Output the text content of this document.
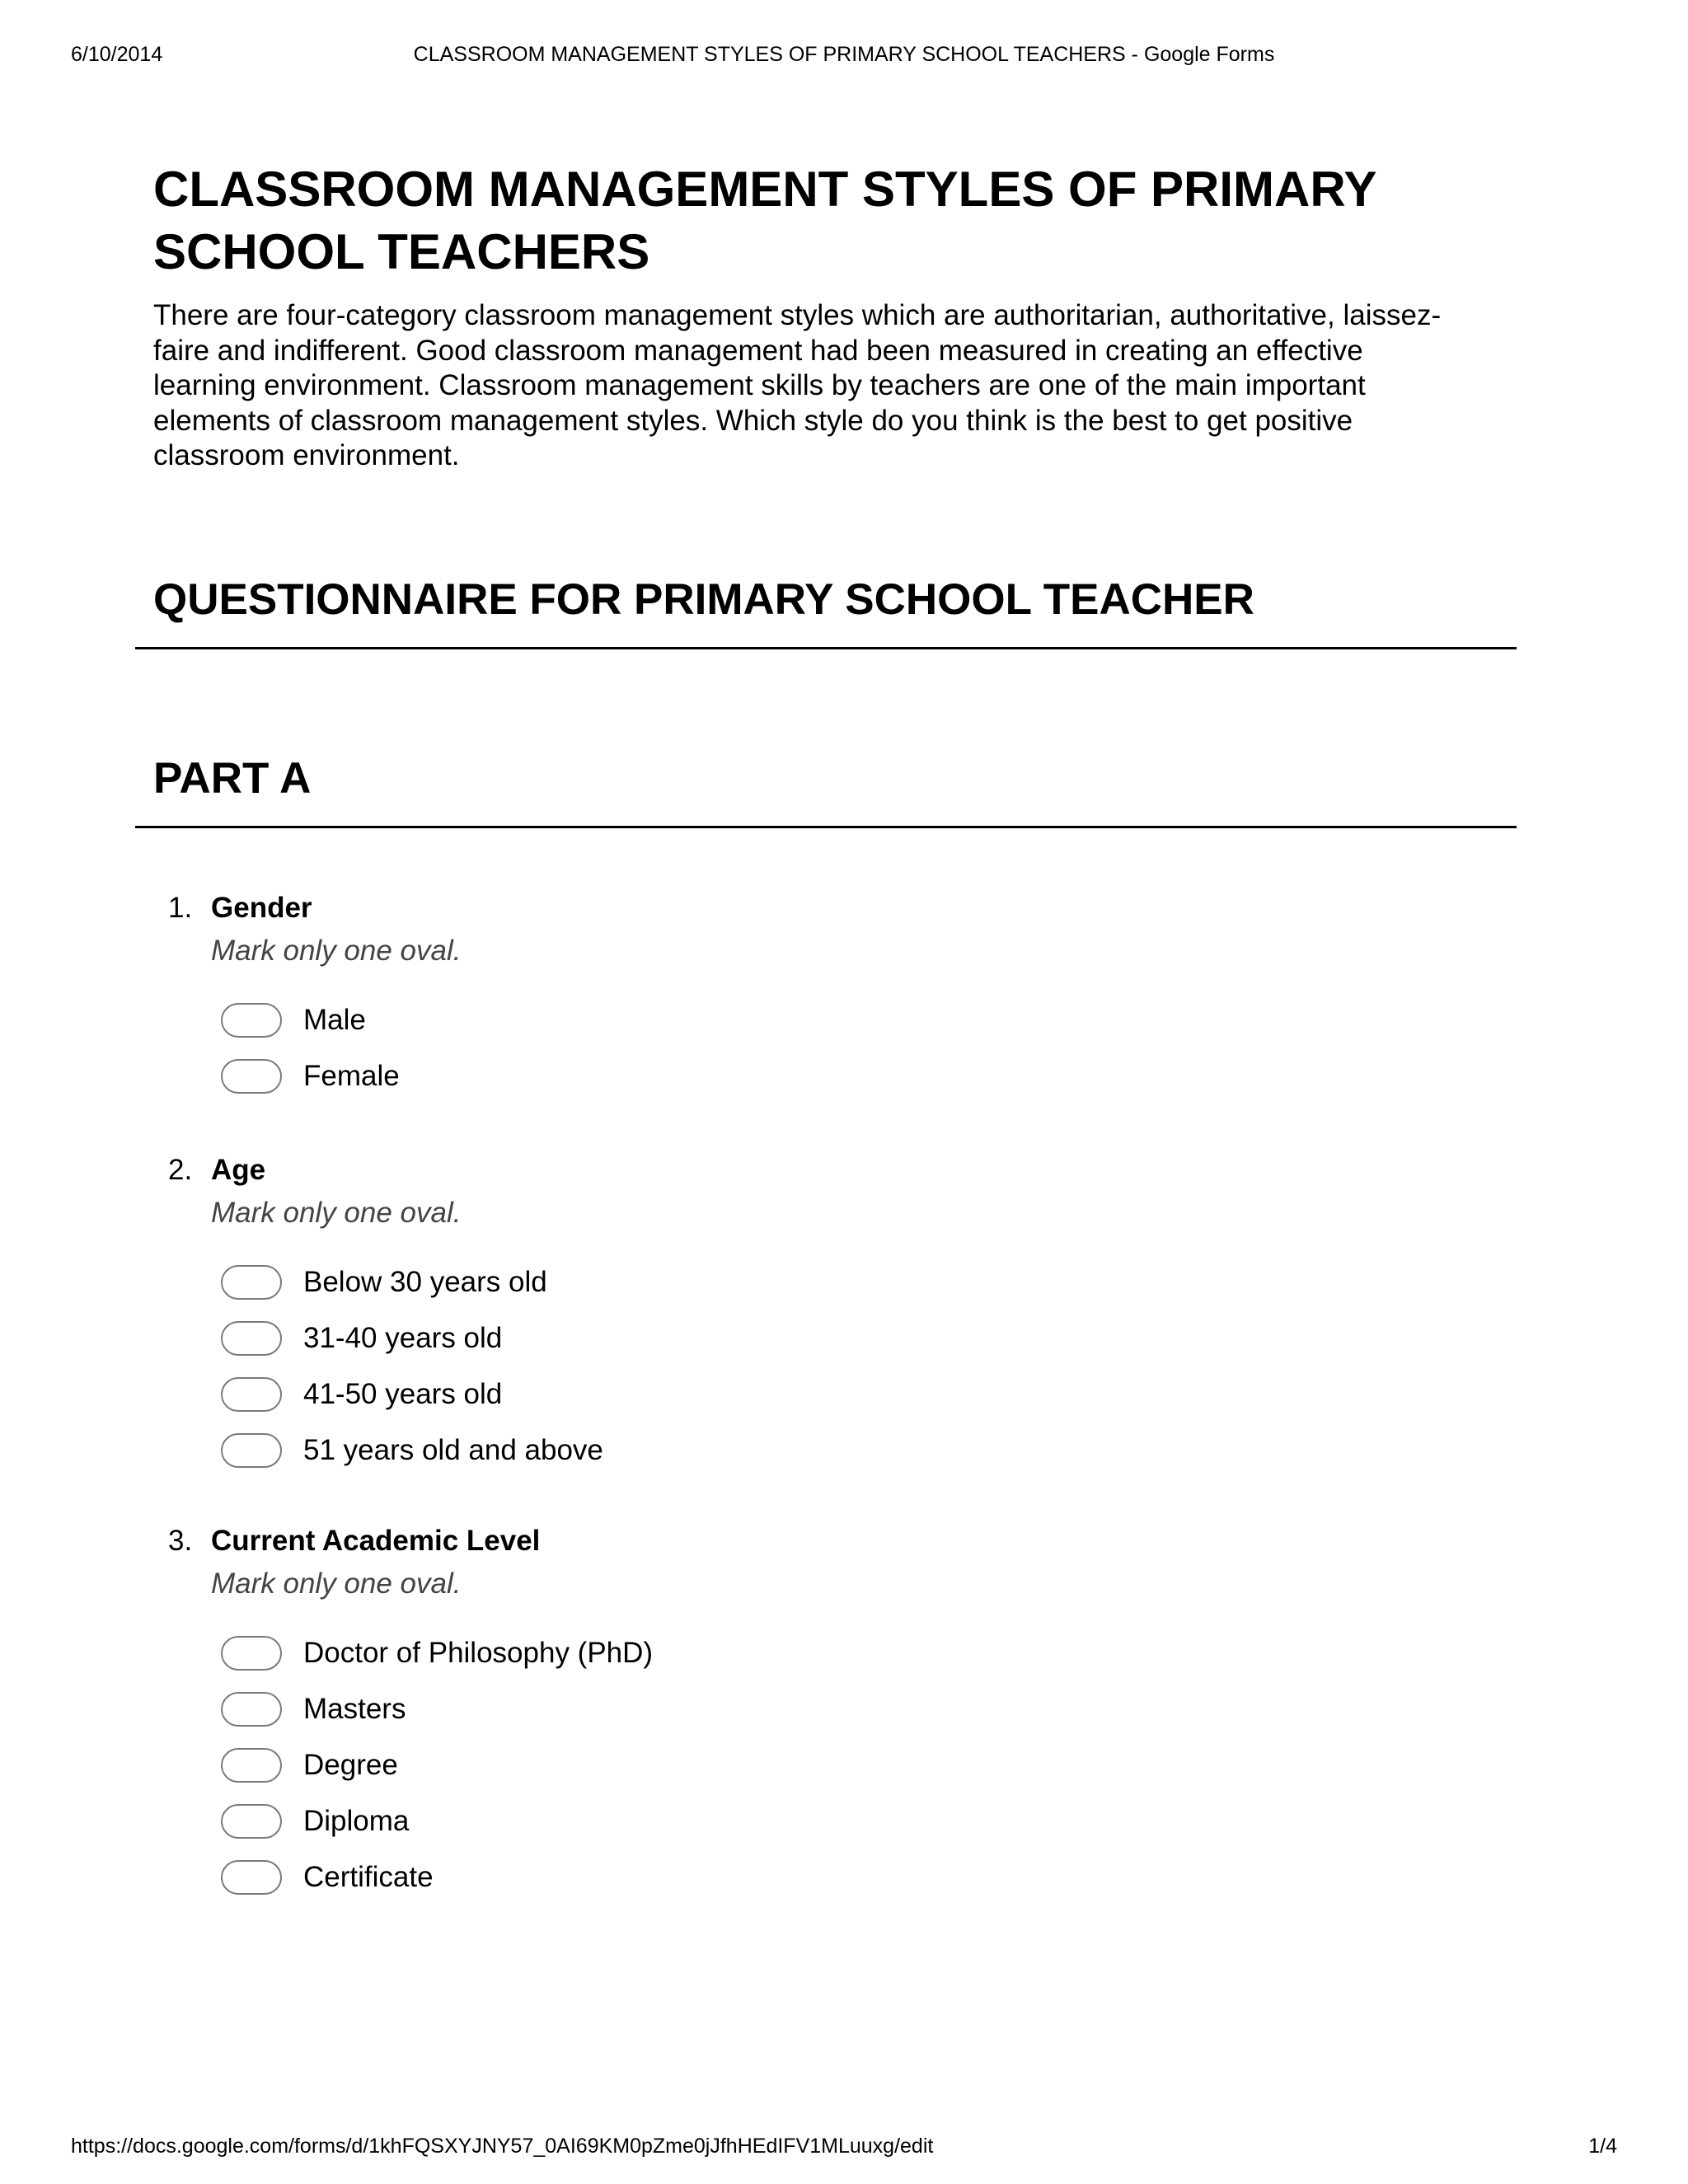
6/10/2014	CLASSROOM MANAGEMENT STYLES OF PRIMARY SCHOOL TEACHERS - Google Forms
CLASSROOM MANAGEMENT STYLES OF PRIMARY SCHOOL TEACHERS

There are four-category classroom management styles which are authoritarian, authoritative, laissez-faire and indifferent. Good classroom management had been measured in creating an effective learning environment. Classroom management skills by teachers are one of the main important elements of classroom management styles. Which style do you think is the best to get positive classroom environment.

QUESTIONNAIRE FOR PRIMARY SCHOOL TEACHER
PART A
1. Gender
Mark only one oval.
Male
Female
2. Age
Mark only one oval.
Below 30 years old
31-40 years old
41-50 years old
51 years old and above
3. Current Academic Level
Mark only one oval.
Doctor of Philosophy (PhD)
Masters
Degree
Diploma
Certificate
https://docs.google.com/forms/d/1khFQSXYJNY57_0AI69KM0pZme0jJfhHEdIFV1MLuuxg/edit	1/4
